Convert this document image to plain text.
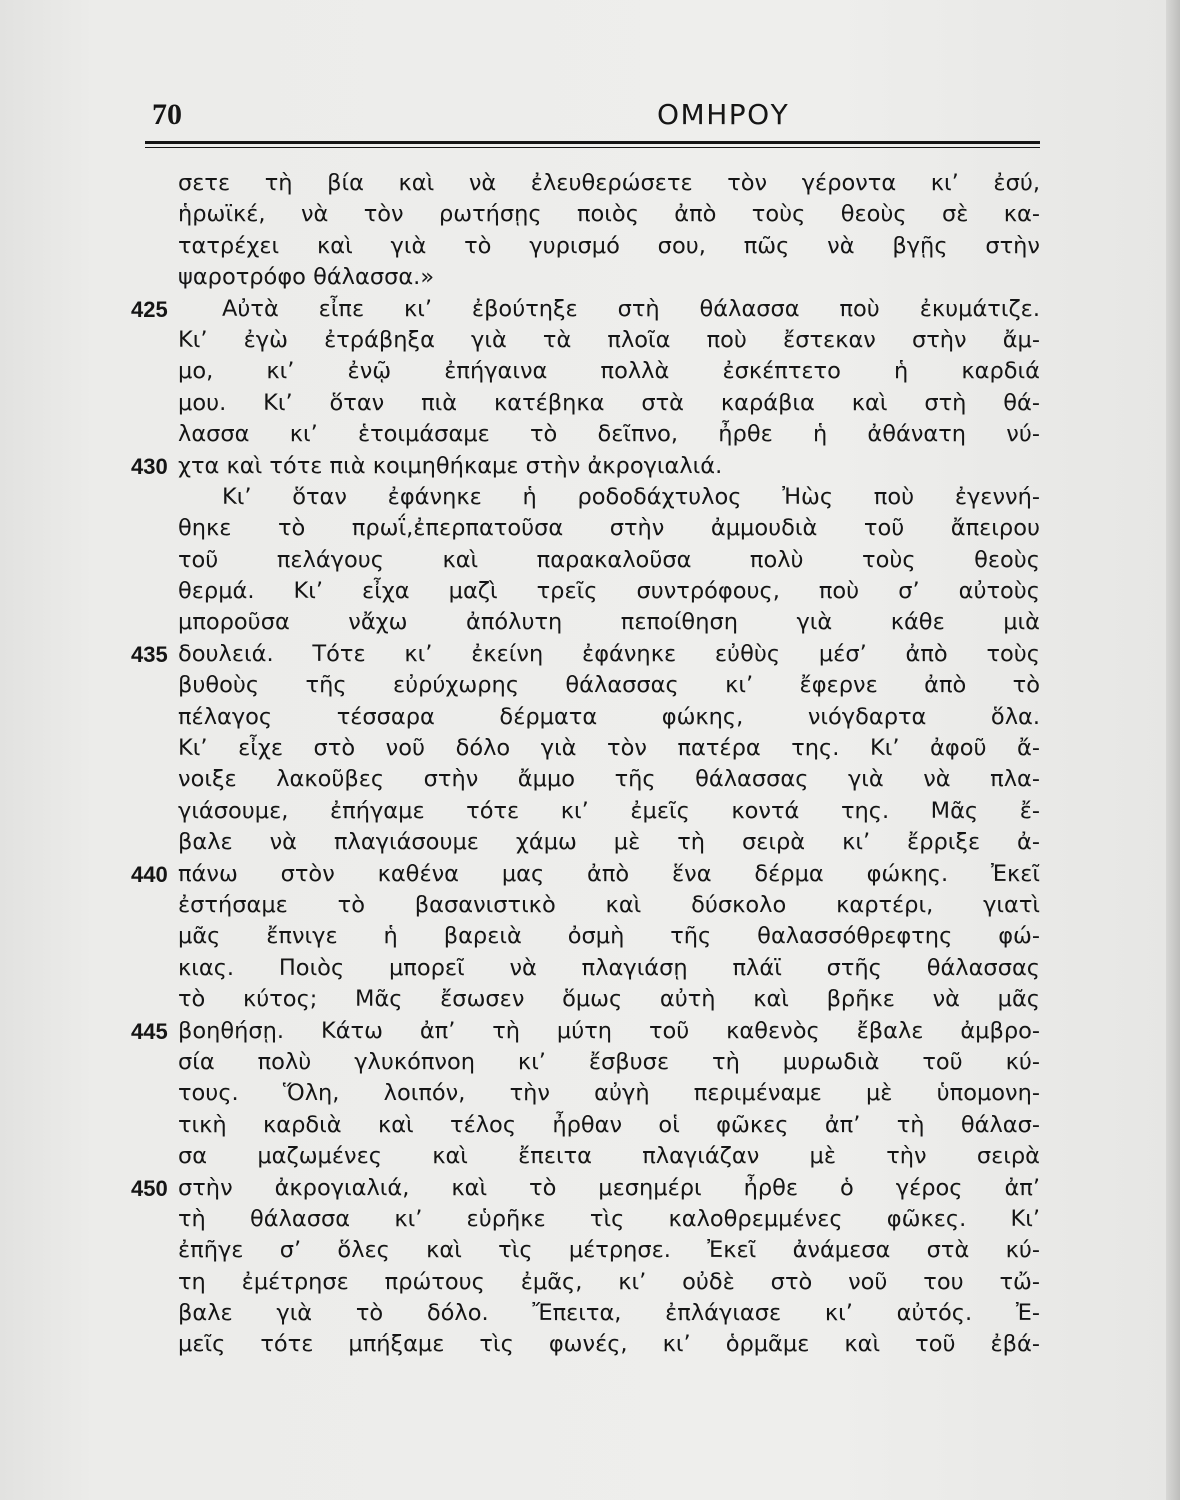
70	ΟΜΗΡΟΥ
σετε τὴ βία καὶ νὰ ἐλευθερώσετε τὸν γέροντα κι’ ἐσύ,
ἡρωϊκέ, νὰ τὸν ρωτήσῃς ποιὸς ἀπὸ τοὺς θεοὺς σὲ κα-
τατρέχει καὶ γιὰ τὸ γυρισμό σου, πῶς νὰ βγῇς στὴν
ψαροτρόφο θάλασσα.»
425 Αὐτὰ εἶπε κι’ ἐβούτηξε στὴ θάλασσα ποὺ ἐκυμάτιζε.
Κι’ ἐγὼ ἐτράβηξα γιὰ τὰ πλοῖα ποὺ ἔστεκαν στὴν ἄμ-
μο, κι’ ἐνῷ ἐπήγαινα πολλὰ ἐσκέπτετο ἡ καρδιά
μου. Κι’ ὅταν πιὰ κατέβηκα στὰ καράβια καὶ στὴ θά-
λασσα κι’ ἑτοιμάσαμε τὸ δεῖπνο, ἦρθε ἡ ἀθάνατη νύ-
430 χτα καὶ τότε πιὰ κοιμηθήκαμε στὴν ἀκρογιαλιά.
Κι’ ὅταν ἐφάνηκε ἡ ροδοδάχτυλος Ἠὼς ποὺ ἐγεννή-
θηκε τὸ πρωΐ,ἐπερπατοῦσα στὴν ἀμμουδιὰ τοῦ ἄπειρου
τοῦ πελάγους καὶ παρακαλοῦσα πολὺ τοὺς θεοὺς
θερμά. Κι’ εἶχα μαζὶ τρεῖς συντρόφους, ποὺ σ’ αὐτοὺς
μποροῦσα νἄχω ἀπόλυτη πεποίθηση γιὰ κάθε μιὰ
435 δουλειά. Τότε κι’ ἐκείνη ἐφάνηκε εὐθὺς μέσ’ ἀπὸ τοὺς
βυθοὺς τῆς εὐρύχωρης θάλασσας κι’ ἔφερνε ἀπὸ τὸ
πέλαγος τέσσαρα δέρματα φώκης, νιόγδαρτα ὅλα.
Κι’ εἶχε στὸ νοῦ δόλο γιὰ τὸν πατέρα της. Κι’ ἀφοῦ ἄ-
νοιξε λακοῦβες στὴν ἄμμο τῆς θάλασσας γιὰ νὰ πλα-
γιάσουμε, ἐπήγαμε τότε κι’ ἐμεῖς κοντά της. Μᾶς ἔ-
βαλε νὰ πλαγιάσουμε χάμω μὲ τὴ σειρὰ κι’ ἔρριξε ἀ-
440 πάνω στὸν καθένα μας ἀπὸ ἕνα δέρμα φώκης. Ἐκεῖ
ἐστήσαμε τὸ βασανιστικὸ καὶ δύσκολο καρτέρι, γιατὶ
μᾶς ἔπνιγε ἡ βαρειὰ ὀσμὴ τῆς θαλασσόθρεφτης φώ-
κιας. Ποιὸς μπορεῖ νὰ πλαγιάσῃ πλάϊ στῆς θάλασσας
τὸ κύτος; Μᾶς ἔσωσεν ὅμως αὐτὴ καὶ βρῆκε νὰ μᾶς
445 βοηθήσῃ. Κάτω ἀπ’ τὴ μύτη τοῦ καθενὸς ἔβαλε ἀμβρο-
σία πολὺ γλυκόπνοη κι’ ἔσβυσε τὴ μυρωδιὰ τοῦ κύ-
τους. Ὅλη, λοιπόν, τὴν αὐγὴ περιμέναμε μὲ ὑπομονη-
τικὴ καρδιὰ καὶ τέλος ἦρθαν οἱ φῶκες ἀπ’ τὴ θάλασ-
σα μαζωμένες καὶ ἔπειτα πλαγιάζαν μὲ τὴν σειρὰ
450 στὴν ἀκρογιαλιά, καὶ τὸ μεσημέρι ἦρθε ὁ γέρος ἀπ’
τὴ θάλασσα κι’ εὑρῆκε τὶς καλοθρεμμένες φῶκες. Κι’
ἐπῆγε σ’ ὅλες καὶ τὶς μέτρησε. Ἐκεῖ ἀνάμεσα στὰ κύ-
τη ἐμέτρησε πρώτους ἐμᾶς, κι’ οὐδὲ στὸ νοῦ του τὤ-
βαλε γιὰ τὸ δόλο. Ἔπειτα, ἐπλάγιασε κι’ αὐτός. Ἐ-
μεῖς τότε μπήξαμε τὶς φωνές, κι’ ὁρμᾶμε καὶ τοῦ ἐβά-
